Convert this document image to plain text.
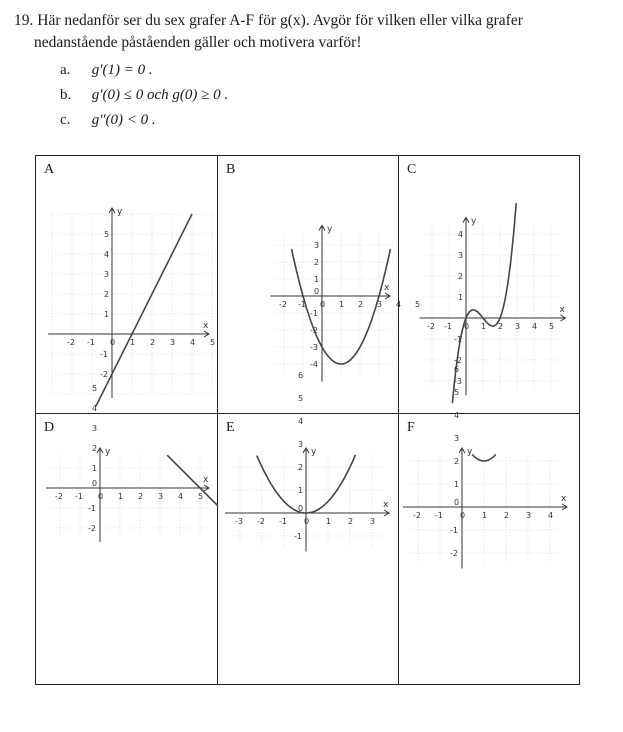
19. Här nedanför ser du sex grafer A-F för g(x). Avgör för vilken eller vilka grafer
nedanstående påståenden gäller och motivera varför!
a. g′(1) = 0 .
b. g′(0) ≤ 0 och g(0) ≥ 0 .
c. g″(0) < 0 .
A
x
y
-2 -1 0 1 2 3 4 5
-2
-1
1
2
3
4
5
B
x
y
-2 -1 0 1 2 3 4 5
-4
-3
-2
-1
0
1
2
3
C
x
y
-2 -1 0 1 2 3 4 5
-3
-2
-1
1
2
3
4
D
x
y
-2 -1 0 1 2 3 4 5
-2
-1
0
1
2
3
4
5
E
x
y
-3 -2 -1 0 1 2 3
-1
0
1
2
3
4
5
6
F
x
y
-2 -1 0 1 2 3 4
-2
-1
0
1
2
3
4
5
6
